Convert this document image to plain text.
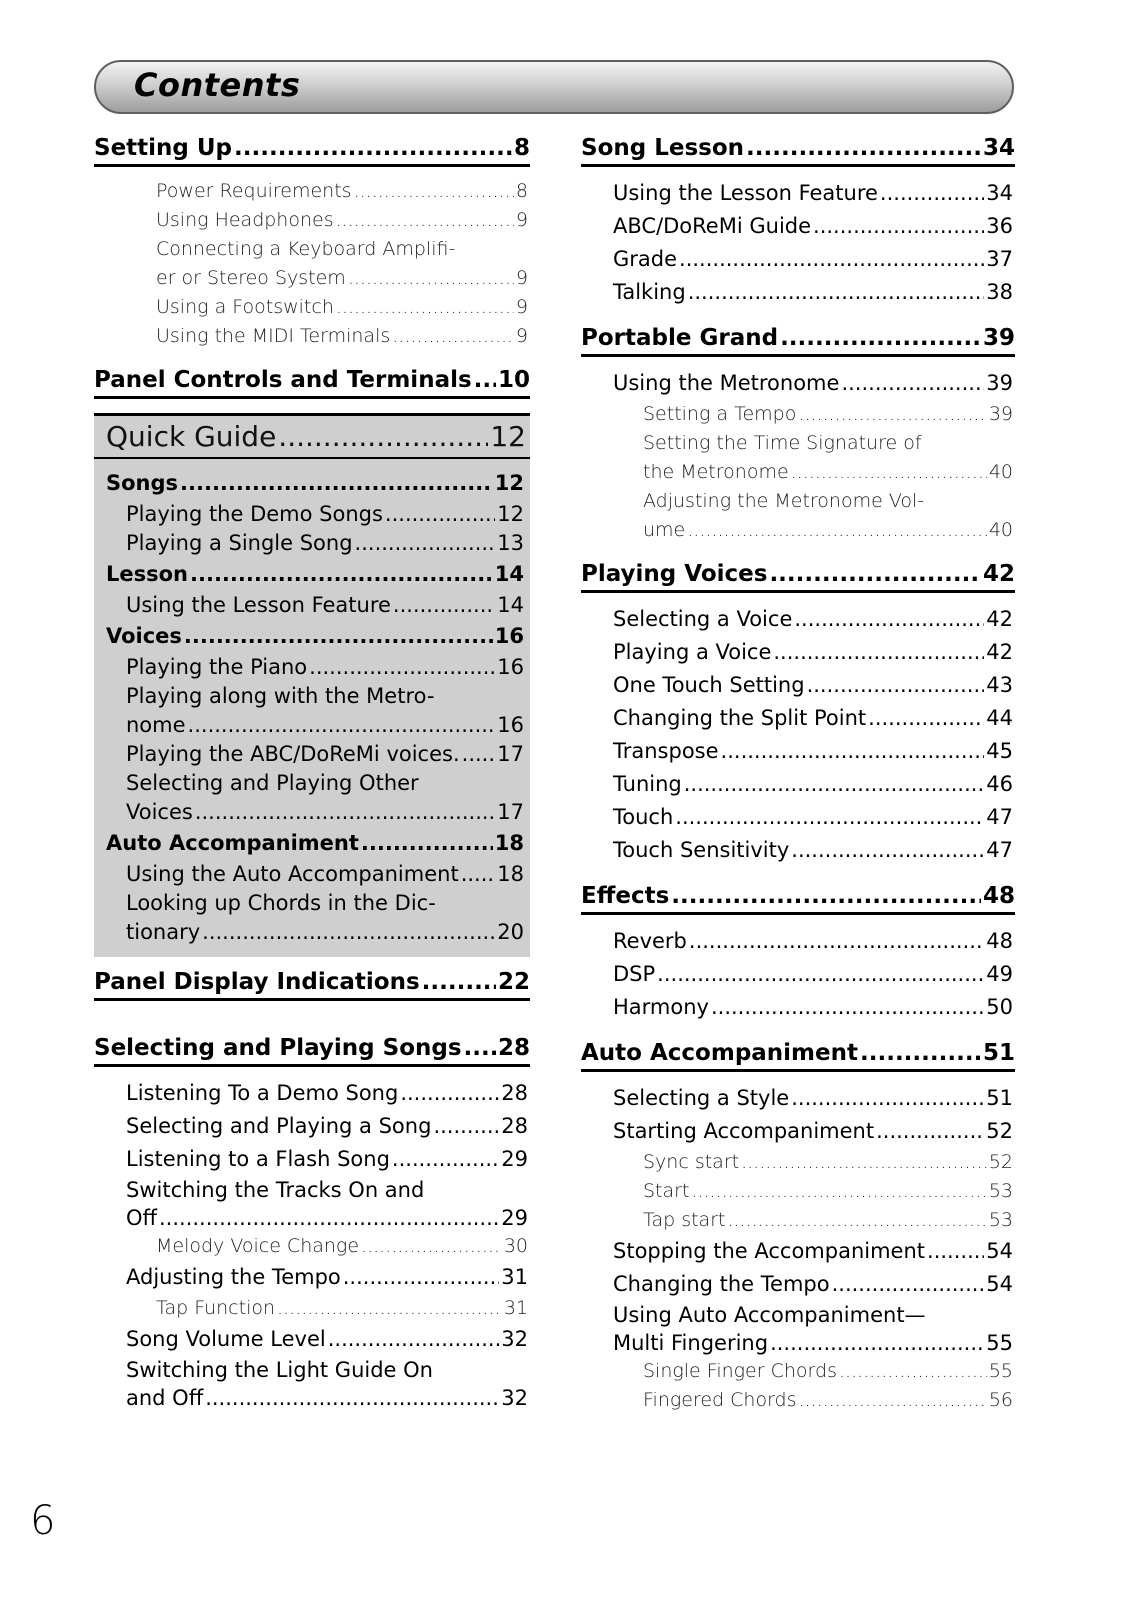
Contents
Setting Up .....	8
Power Requirements .....	8
Using Headphones .....	9
Connecting a Keyboard Amplifi-
er or Stereo System .....	9
Using a Footswitch .....	9
Using the MIDI Terminals .....	9
Panel Controls and Terminals ..... 10
Quick Guide .....	12
Songs .....	12
Playing the Demo Songs .....	12
Playing a Single Song .....	13
Lesson .....	14
Using the Lesson Feature .....	14
Voices .....	16
Playing the Piano .....	16
Playing along with the Metro-
nome .....	16
Playing the ABC/DoReMi voices. ..... 17
Selecting and Playing Other
Voices .....	17
Auto Accompaniment .....	18
Using the Auto Accompaniment ..... 18
Looking up Chords in the Dic-
tionary .....	20
Panel Display Indications .....	22
Selecting and Playing Songs ..... 28
Listening To a Demo Song .....	28
Selecting and Playing a Song .....	28
Listening to a Flash Song .....	29
Switching the Tracks On and
Off .....	29
Melody Voice Change .....	30
Adjusting the Tempo .....	31
Tap Function .....	31
Song Volume Level .....	32
Switching the Light Guide On
and Off .....	32
Song Lesson .....	34
Using the Lesson Feature .....	34
ABC/DoReMi Guide .....	36
Grade .....	37
Talking .....	38
Portable Grand .....	39
Using the Metronome .....	39
Setting a Tempo .....	39
Setting the Time Signature of
the Metronome .....	40
Adjusting the Metronome Vol-
ume .....	40
Playing Voices .....	42
Selecting a Voice .....	42
Playing a Voice .....	42
One Touch Setting .....	43
Changing the Split Point .....	44
Transpose .....	45
Tuning .....	46
Touch .....	47
Touch Sensitivity .....	47
Effects .....	48
Reverb .....	48
DSP .....	49
Harmony .....	50
Auto Accompaniment .....	51
Selecting a Style .....	51
Starting Accompaniment .....	52
Sync start .....	52
Start .....	53
Tap start .....	53
Stopping the Accompaniment .....	54
Changing the Tempo .....	54
Using Auto Accompaniment—
Multi Fingering .....	55
Single Finger Chords .....	55
Fingered Chords .....	56
6
